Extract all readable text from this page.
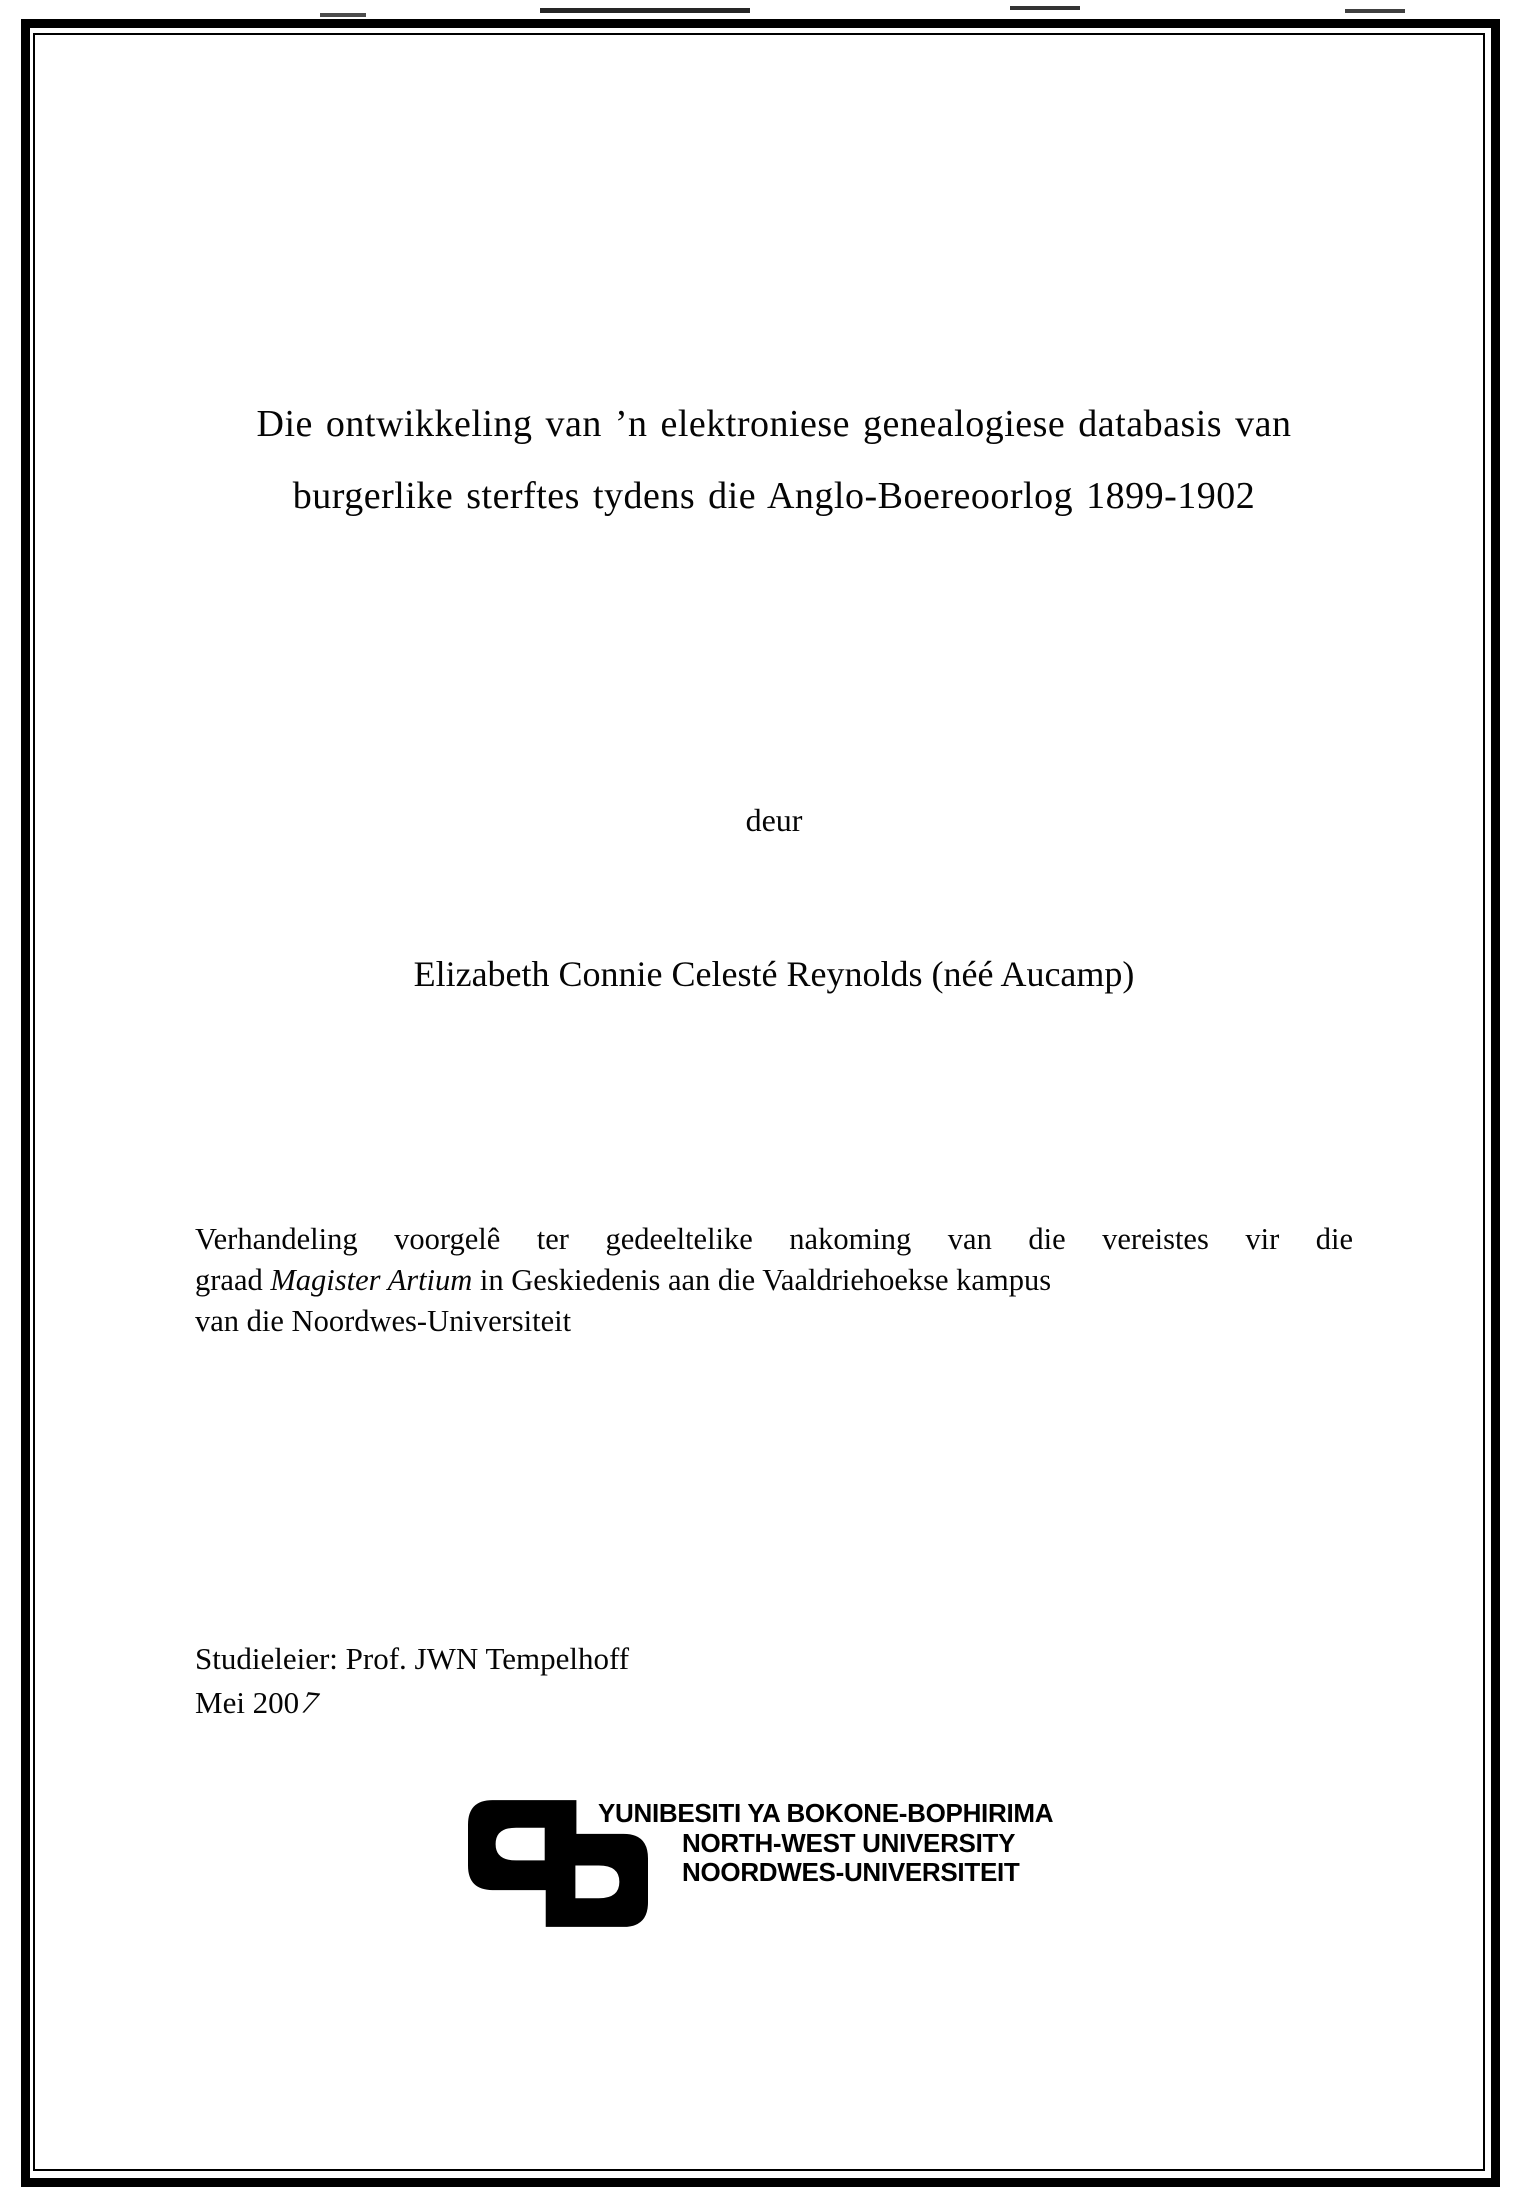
Die ontwikkeling van ’n elektroniese genealogiese databasis van
burgerlike sterftes tydens die Anglo-Boereoorlog 1899-1902
deur
Elizabeth Connie Celesté Reynolds (néé Aucamp)

Verhandeling voorgelê ter gedeeltelike nakoming van die vereistes vir die
graad Magister Artium in Geskiedenis aan die Vaaldriehoekse kampus
van die Noordwes-Universiteit

Studieleier: Prof. JWN Tempelhoff
Mei 2007
YUNIBESITI YA BOKONE-BOPHIRIMA
NORTH-WEST UNIVERSITY
NOORDWES-UNIVERSITEIT
